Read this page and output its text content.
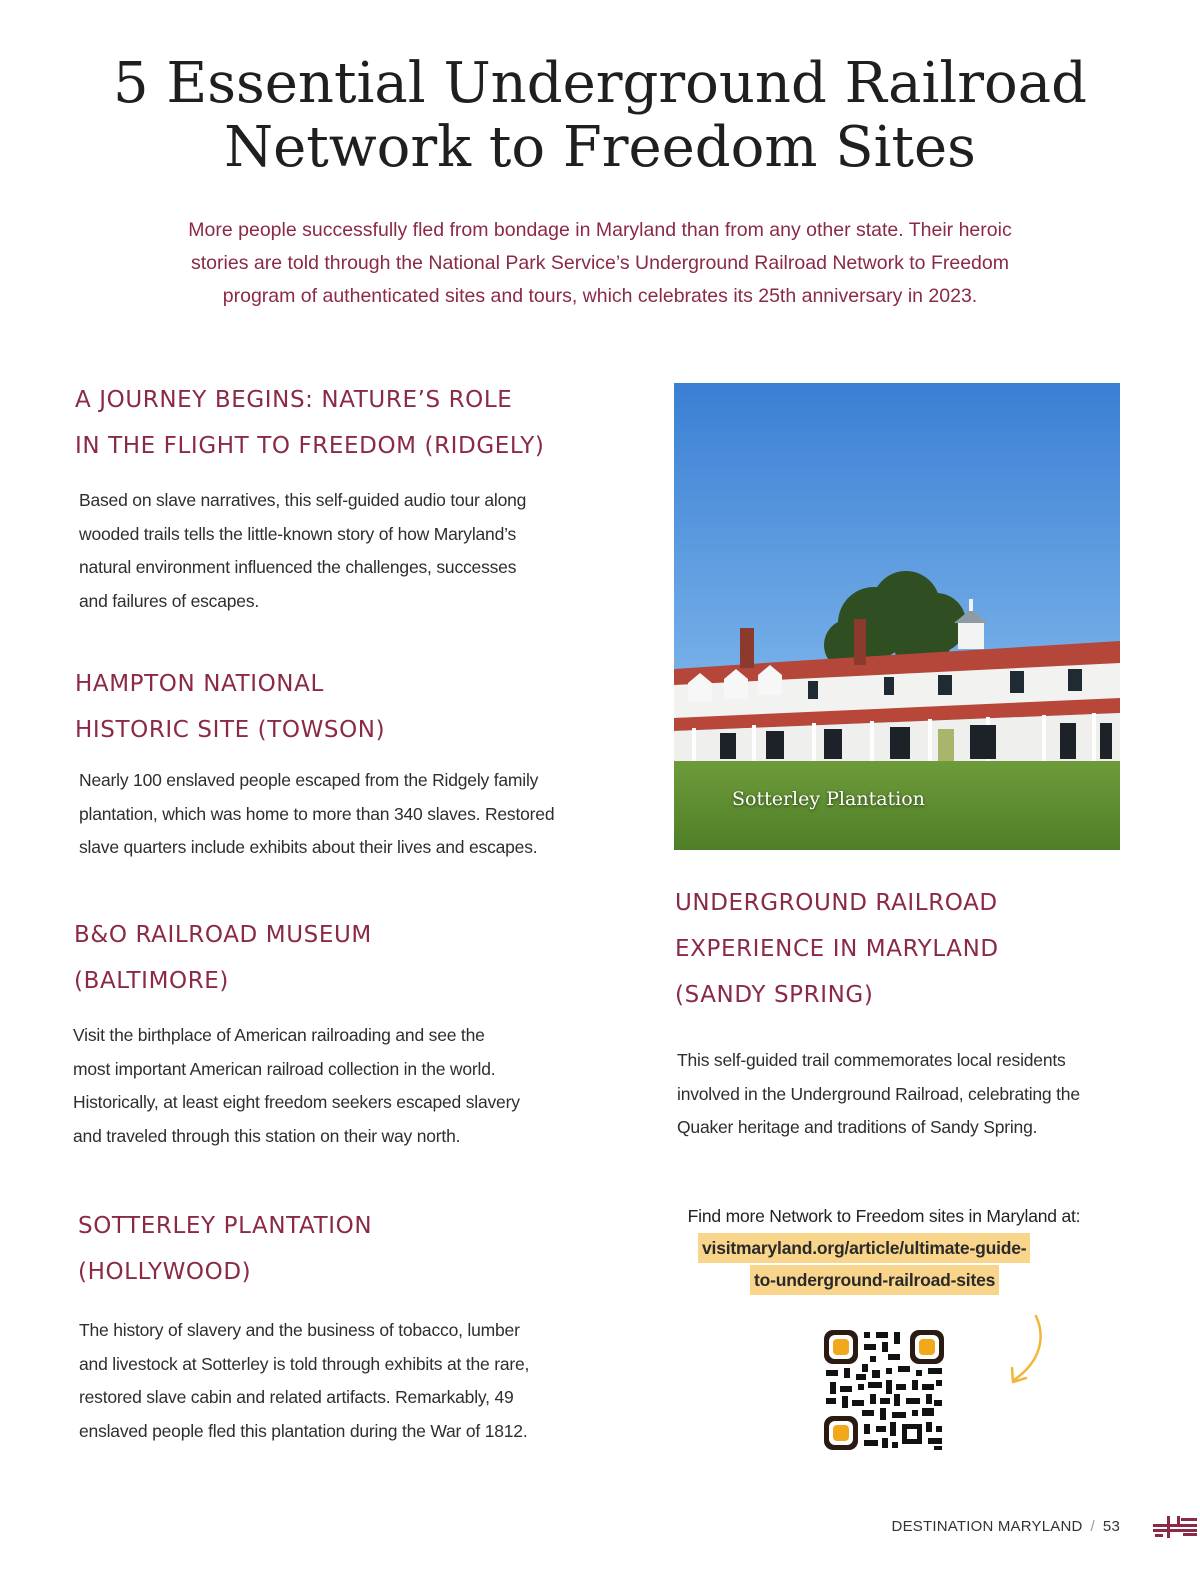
5 Essential Underground Railroad
Network to Freedom Sites
More people successfully fled from bondage in Maryland than from any other state. Their heroic
stories are told through the National Park Service’s Underground Railroad Network to Freedom
program of authenticated sites and tours, which celebrates its 25th anniversary in 2023.
A JOURNEY BEGINS: NATURE’S ROLE
IN THE FLIGHT TO FREEDOM (RIDGELY)
Based on slave narratives, this self-guided audio tour along
wooded trails tells the little-known story of how Maryland’s
natural environment influenced the challenges, successes
and failures of escapes.
HAMPTON NATIONAL
HISTORIC SITE (TOWSON)
Nearly 100 enslaved people escaped from the Ridgely family
plantation, which was home to more than 340 slaves. Restored
slave quarters include exhibits about their lives and escapes.
B&O RAILROAD MUSEUM
(BALTIMORE)
Visit the birthplace of American railroading and see the
most important American railroad collection in the world.
Historically, at least eight freedom seekers escaped slavery
and traveled through this station on their way north.
SOTTERLEY PLANTATION
(HOLLYWOOD)
The history of slavery and the business of tobacco, lumber
and livestock at Sotterley is told through exhibits at the rare,
restored slave cabin and related artifacts. Remarkably, 49
enslaved people fled this plantation during the War of 1812.
Sotterley Plantation
UNDERGROUND RAILROAD
EXPERIENCE IN MARYLAND
(SANDY SPRING)
This self-guided trail commemorates local residents
involved in the Underground Railroad, celebrating the
Quaker heritage and traditions of Sandy Spring.
Find more Network to Freedom sites in Maryland at:
visitmaryland.org/article/ultimate-guide-
to-underground-railroad-sites
DESTINATION MARYLAND / 53
